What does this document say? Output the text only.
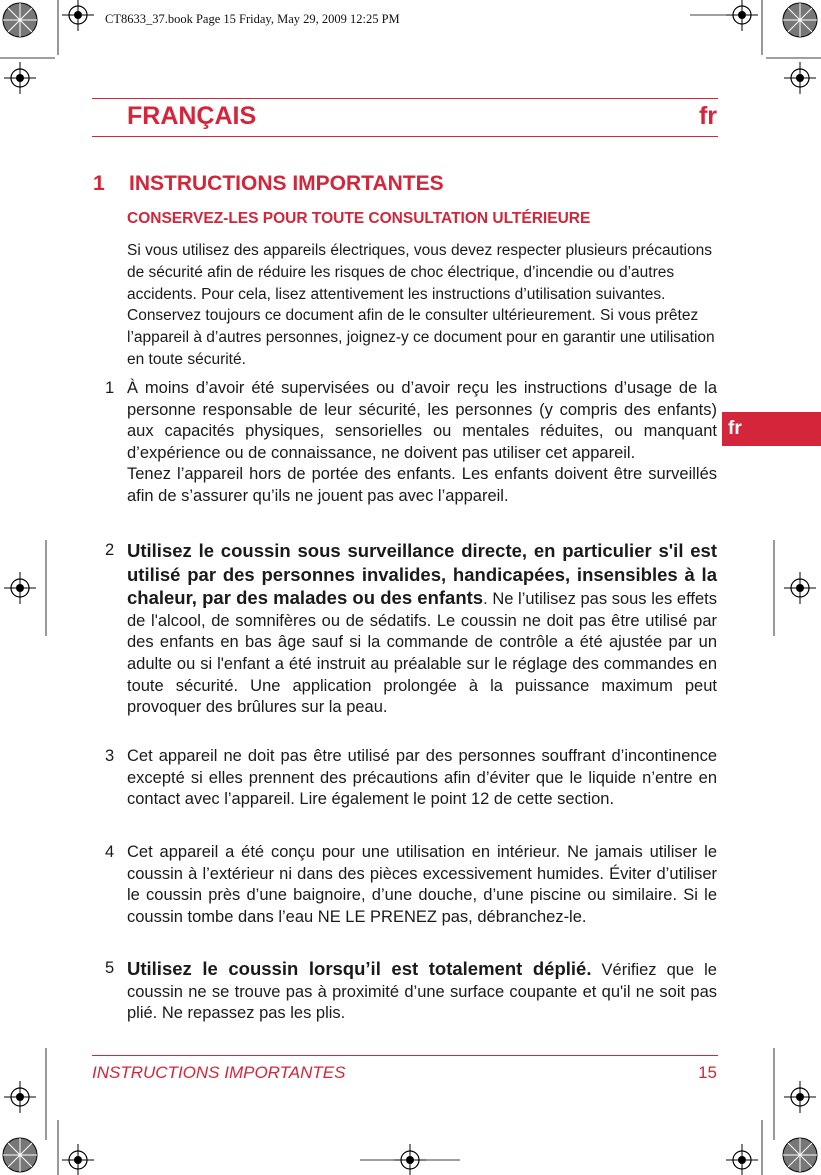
CT8633_37.book Page 15 Friday, May 29, 2009 12:25 PM
FRANÇAIS	fr
fr
1 INSTRUCTIONS IMPORTANTES
CONSERVEZ-LES POUR TOUTE CONSULTATION ULTÉRIEURE
Si vous utilisez des appareils électriques, vous devez respecter plusieurs précautions de sécurité afin de réduire les risques de choc électrique, d’incendie ou d’autres accidents. Pour cela, lisez attentivement les instructions d’utilisation suivantes. Conservez toujours ce document afin de le consulter ultérieurement. Si vous prêtez l’appareil à d’autres personnes, joignez-y ce document pour en garantir une utilisation en toute sécurité.
1 À moins d’avoir été supervisées ou d’avoir reçu les instructions d’usage de la personne responsable de leur sécurité, les personnes (y compris des enfants) aux capacités physiques, sensorielles ou mentales réduites, ou manquant d’expérience ou de connaissance, ne doivent pas utiliser cet appareil.

Tenez l’appareil hors de portée des enfants. Les enfants doivent être surveillés afin de s’assurer qu’ils ne jouent pas avec l’appareil.

2 Utilisez le coussin sous surveillance directe, en particulier s'il est utilisé par des personnes invalides, handicapées, insensibles à la chaleur, par des malades ou des enfants. Ne l’utilisez pas sous les effets de l'alcool, de somnifères ou de sédatifs. Le coussin ne doit pas être utilisé par des enfants en bas âge sauf si la commande de contrôle a été ajustée par un adulte ou si l'enfant a été instruit au préalable sur le réglage des commandes en toute sécurité. Une application prolongée à la puissance maximum peut provoquer des brûlures sur la peau.

3 Cet appareil ne doit pas être utilisé par des personnes souffrant d’incontinence excepté si elles prennent des précautions afin d’éviter que le liquide n’entre en contact avec l’appareil. Lire également le point 12 de cette section.

4 Cet appareil a été conçu pour une utilisation en intérieur. Ne jamais utiliser le coussin à l’extérieur ni dans des pièces excessivement humides. Éviter d’utiliser le coussin près d’une baignoire, d’une douche, d’une piscine ou similaire. Si le coussin tombe dans l’eau NE LE PRENEZ pas, débranchez-le.

5 Utilisez le coussin lorsqu’il est totalement déplié. Vérifiez que le coussin ne se trouve pas à proximité d’une surface coupante et qu'il ne soit pas plié. Ne repassez pas les plis.

INSTRUCTIONS IMPORTANTES	15
